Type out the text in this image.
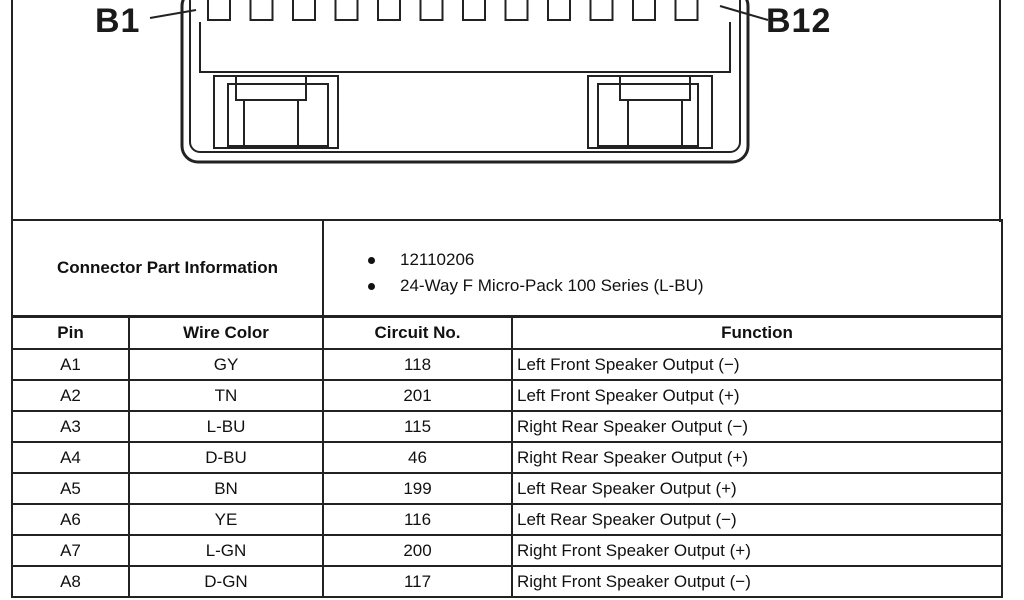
B1	B12
Connector Part Information	12110206
24-Way F Micro-Pack 100 Series (L-BU)
Pin	Wire Color	Circuit No.	Function
A1	GY	118	Left Front Speaker Output (−)
A2	TN	201	Left Front Speaker Output (+)
A3	L-BU	115	Right Rear Speaker Output (−)
A4	D-BU	46	Right Rear Speaker Output (+)
A5	BN	199	Left Rear Speaker Output (+)
A6	YE	116	Left Rear Speaker Output (−)
A7	L-GN	200	Right Front Speaker Output (+)
A8	D-GN	117	Right Front Speaker Output (−)
